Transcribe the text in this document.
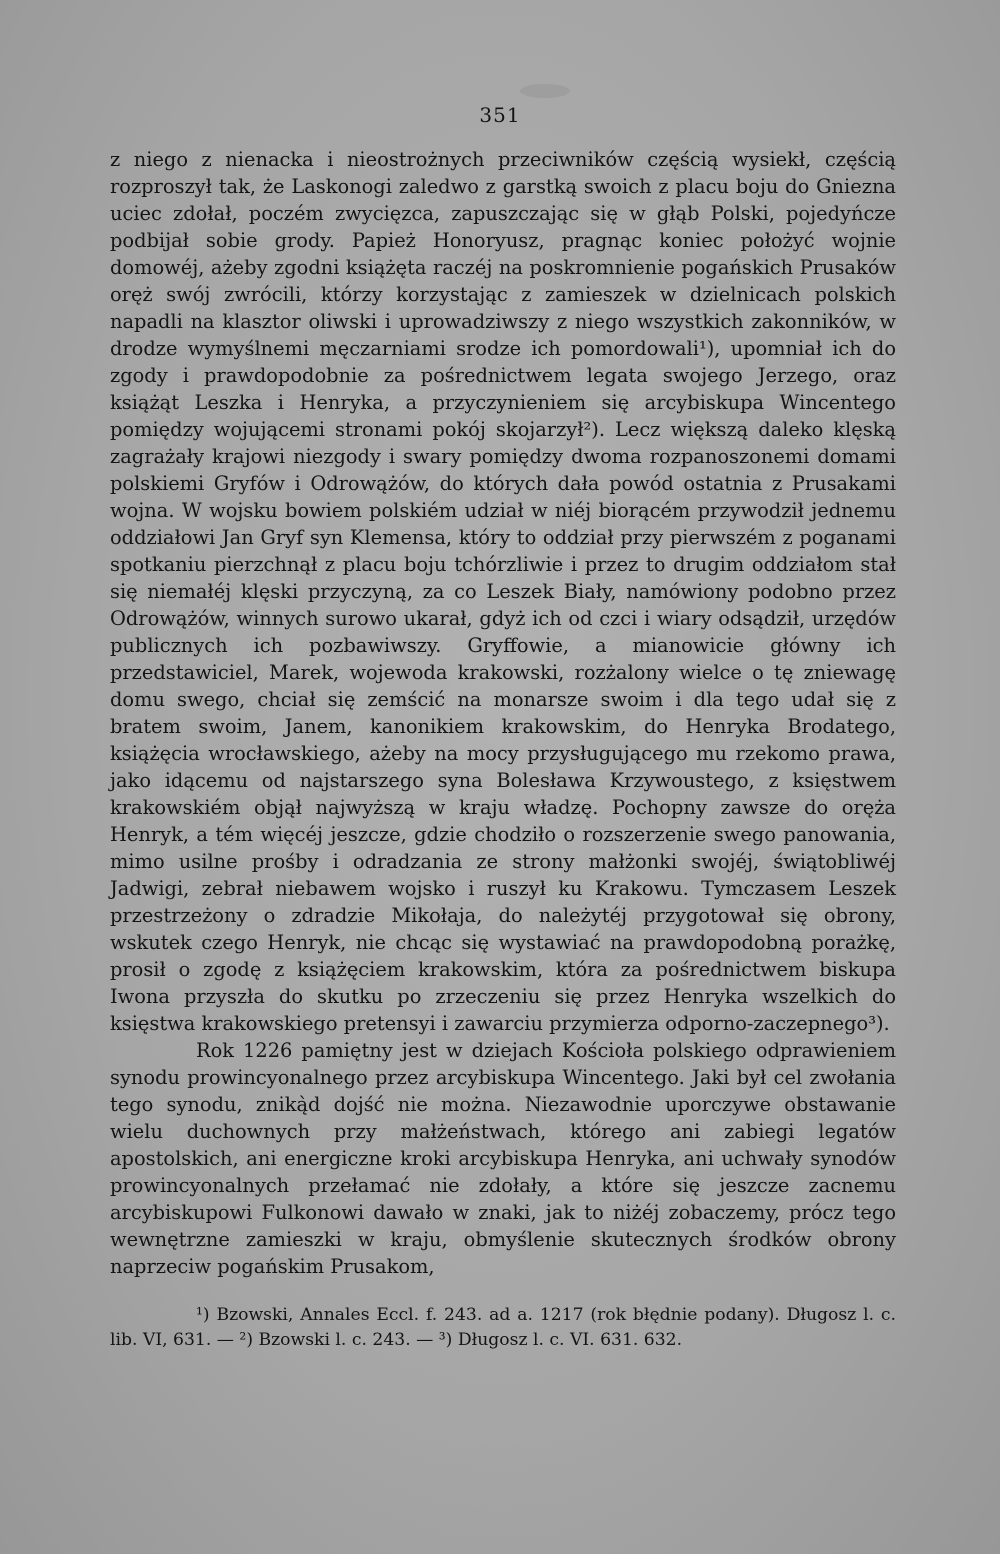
351

z niego z nienacka i nieostrożnych przeciwników częścią wysiekł, częścią rozproszył tak, że Laskonogi zaledwo z garstką swoich z placu boju do Gniezna uciec zdołał, poczém zwycięzca, zapuszczając się w głąb Polski, pojedyńcze podbijał sobie grody. Papież Honoryusz, pragnąc koniec położyć wojnie domowéj, ażeby zgodni książęta raczéj na poskromnienie pogańskich Prusaków oręż swój zwrócili, którzy korzystając z zamieszek w dzielnicach polskich napadli na klasztor oliwski i uprowadziwszy z niego wszystkich zakonników, w drodze wymyślnemi męczarniami srodze ich pomordowali¹), upomniał ich do zgody i prawdopodobnie za pośrednictwem legata swojego Jerzego, oraz książąt Leszka i Henryka, a przyczynieniem się arcybiskupa Wincentego pomiędzy wojującemi stronami pokój skojarzył²). Lecz większą daleko klęską zagrażały krajowi niezgody i swary pomiędzy dwoma rozpanoszonemi domami polskiemi Gryfów i Odrowążów, do których dała powód ostatnia z Prusakami wojna. W wojsku bowiem polskiém udział w niéj biorącém przywodził jednemu oddziałowi Jan Gryf syn Klemensa, który to oddział przy pierwszém z poganami spotkaniu pierzchnął z placu boju tchórzliwie i przez to drugim oddziałom stał się niemałéj klęski przyczyną, za co Leszek Biały, namówiony podobno przez Odrowążów, winnych surowo ukarał, gdyż ich od czci i wiary odsądził, urzędów publicznych ich pozbawiwszy. Gryffowie, a mianowicie główny ich przedstawiciel, Marek, wojewoda krakowski, rozżalony wielce o tę zniewagę domu swego, chciał się zemścić na monarsze swoim i dla tego udał się z bratem swoim, Janem, kanonikiem krakowskim, do Henryka Brodatego, książęcia wrocławskiego, ażeby na mocy przysługującego mu rzekomo prawa, jako idącemu od najstarszego syna Bolesława Krzywoustego, z księstwem krakowskiém objął najwyższą w kraju władzę. Pochopny zawsze do oręża Henryk, a tém więcéj jeszcze, gdzie chodziło o rozszerzenie swego panowania, mimo usilne prośby i odradzania ze strony małżonki swojéj, świątobliwéj Jadwigi, zebrał niebawem wojsko i ruszył ku Krakowu. Tymczasem Leszek przestrzeżony o zdradzie Mikołaja, do należytéj przygotował się obrony, wskutek czego Henryk, nie chcąc się wystawiać na prawdopodobną porażkę, prosił o zgodę z książęciem krakowskim, która za pośrednictwem biskupa Iwona przyszła do skutku po zrzeczeniu się przez Henryka wszelkich do księstwa krakowskiego pretensyi i zawarciu przymierza odporno-zaczepnego³).

Rok 1226 pamiętny jest w dziejach Kościoła polskiego odprawieniem synodu prowincyonalnego przez arcybiskupa Wincentego. Jaki był cel zwołania tego synodu, zniką̀d dojść nie można. Niezawodnie uporczywe obstawanie wielu duchownych przy małżeństwach, którego ani zabiegi legatów apostolskich, ani energiczne kroki arcybiskupa Henryka, ani uchwały synodów prowincyonalnych przełamać nie zdołały, a które się jeszcze zacnemu arcybiskupowi Fulkonowi dawało w znaki, jak to niżéj zobaczemy, prócz tego wewnętrzne zamieszki w kraju, obmyślenie skutecznych środków obrony naprzeciw pogańskim Prusakom,

¹) Bzowski, Annales Eccl. f. 243. ad a. 1217 (rok błędnie podany). Długosz l. c. lib. VI, 631. — ²) Bzowski l. c. 243. — ³) Długosz l. c. VI. 631. 632.
